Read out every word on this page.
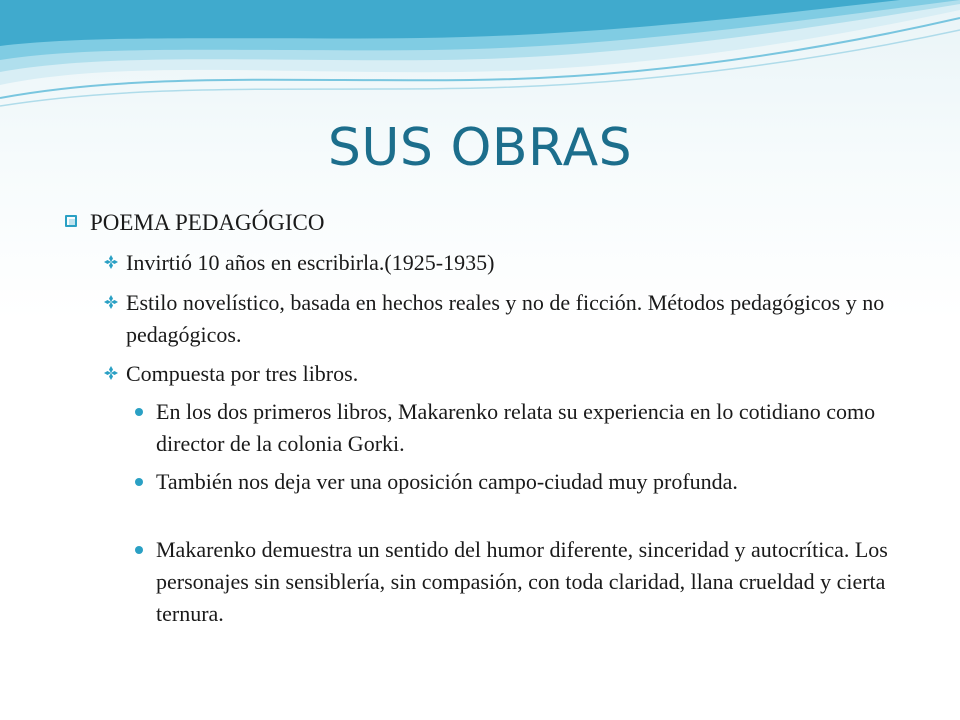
SUS OBRAS

POEMA PEDAGÓGICO

Invirtió 10 años en escribirla.(1925-1935)

Estilo novelístico, basada en hechos reales y no de ficción. Métodos pedagógicos y no pedagógicos.

Compuesta por tres libros.

En los dos primeros libros, Makarenko relata su experiencia en lo cotidiano como director de la colonia Gorki.

También nos deja ver una oposición campo-ciudad muy profunda.

Makarenko demuestra un sentido del humor diferente, sinceridad y autocrítica. Los personajes sin sensiblería, sin compasión, con toda claridad, llana crueldad y cierta ternura.
